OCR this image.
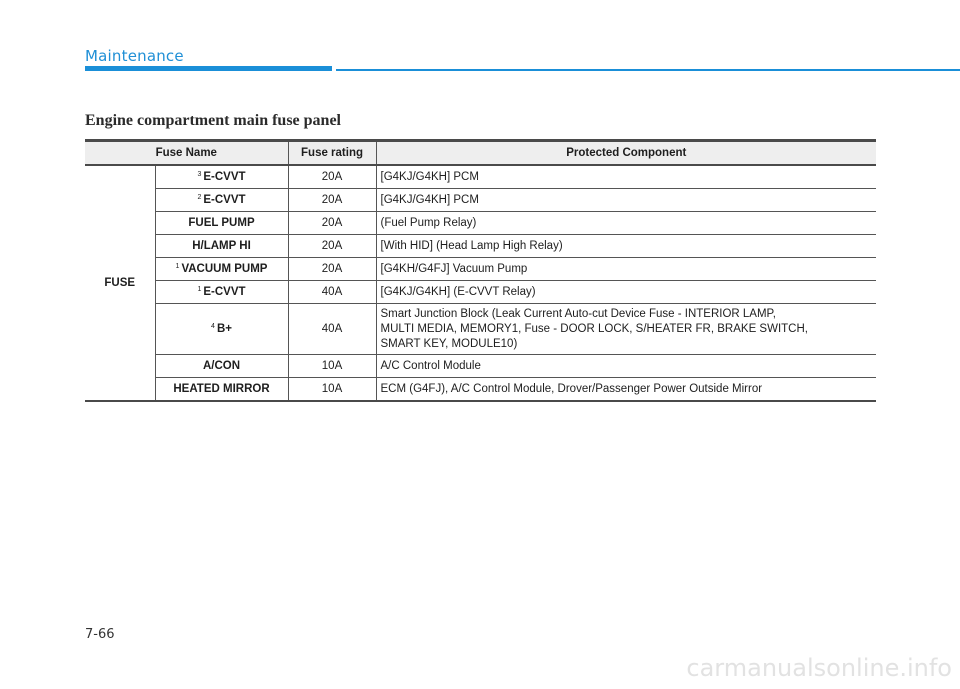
Maintenance
Engine compartment main fuse panel
Fuse Name		Fuse rating	Protected Component
FUSE	$^3$ E-CVVT	20A	[G4KJ/G4KH] PCM
	$^2$ E-CVVT	20A	[G4KJ/G4KH] PCM
	FUEL PUMP	20A	(Fuel Pump Relay)
	H/LAMP HI	20A	[With HID] (Head Lamp High Relay)
	$^1$ VACUUM PUMP	20A	[G4KH/G4FJ] Vacuum Pump
	$^1$ E-CVVT	40A	[G4KJ/G4KH] (E-CVVT Relay)
	$^4$ B+	40A	Smart Junction Block (Leak Current Auto-cut Device Fuse - INTERIOR LAMP,
MULTI MEDIA, MEMORY1, Fuse - DOOR LOCK, S/HEATER FR, BRAKE SWITCH,
SMART KEY, MODULE10)

	A/CON	10A	A/C Control Module
	HEATED MIRROR	10A	ECM (G4FJ), A/C Control Module, Drover/Passenger Power Outside Mirror
7-66
carmanualsonline.info
